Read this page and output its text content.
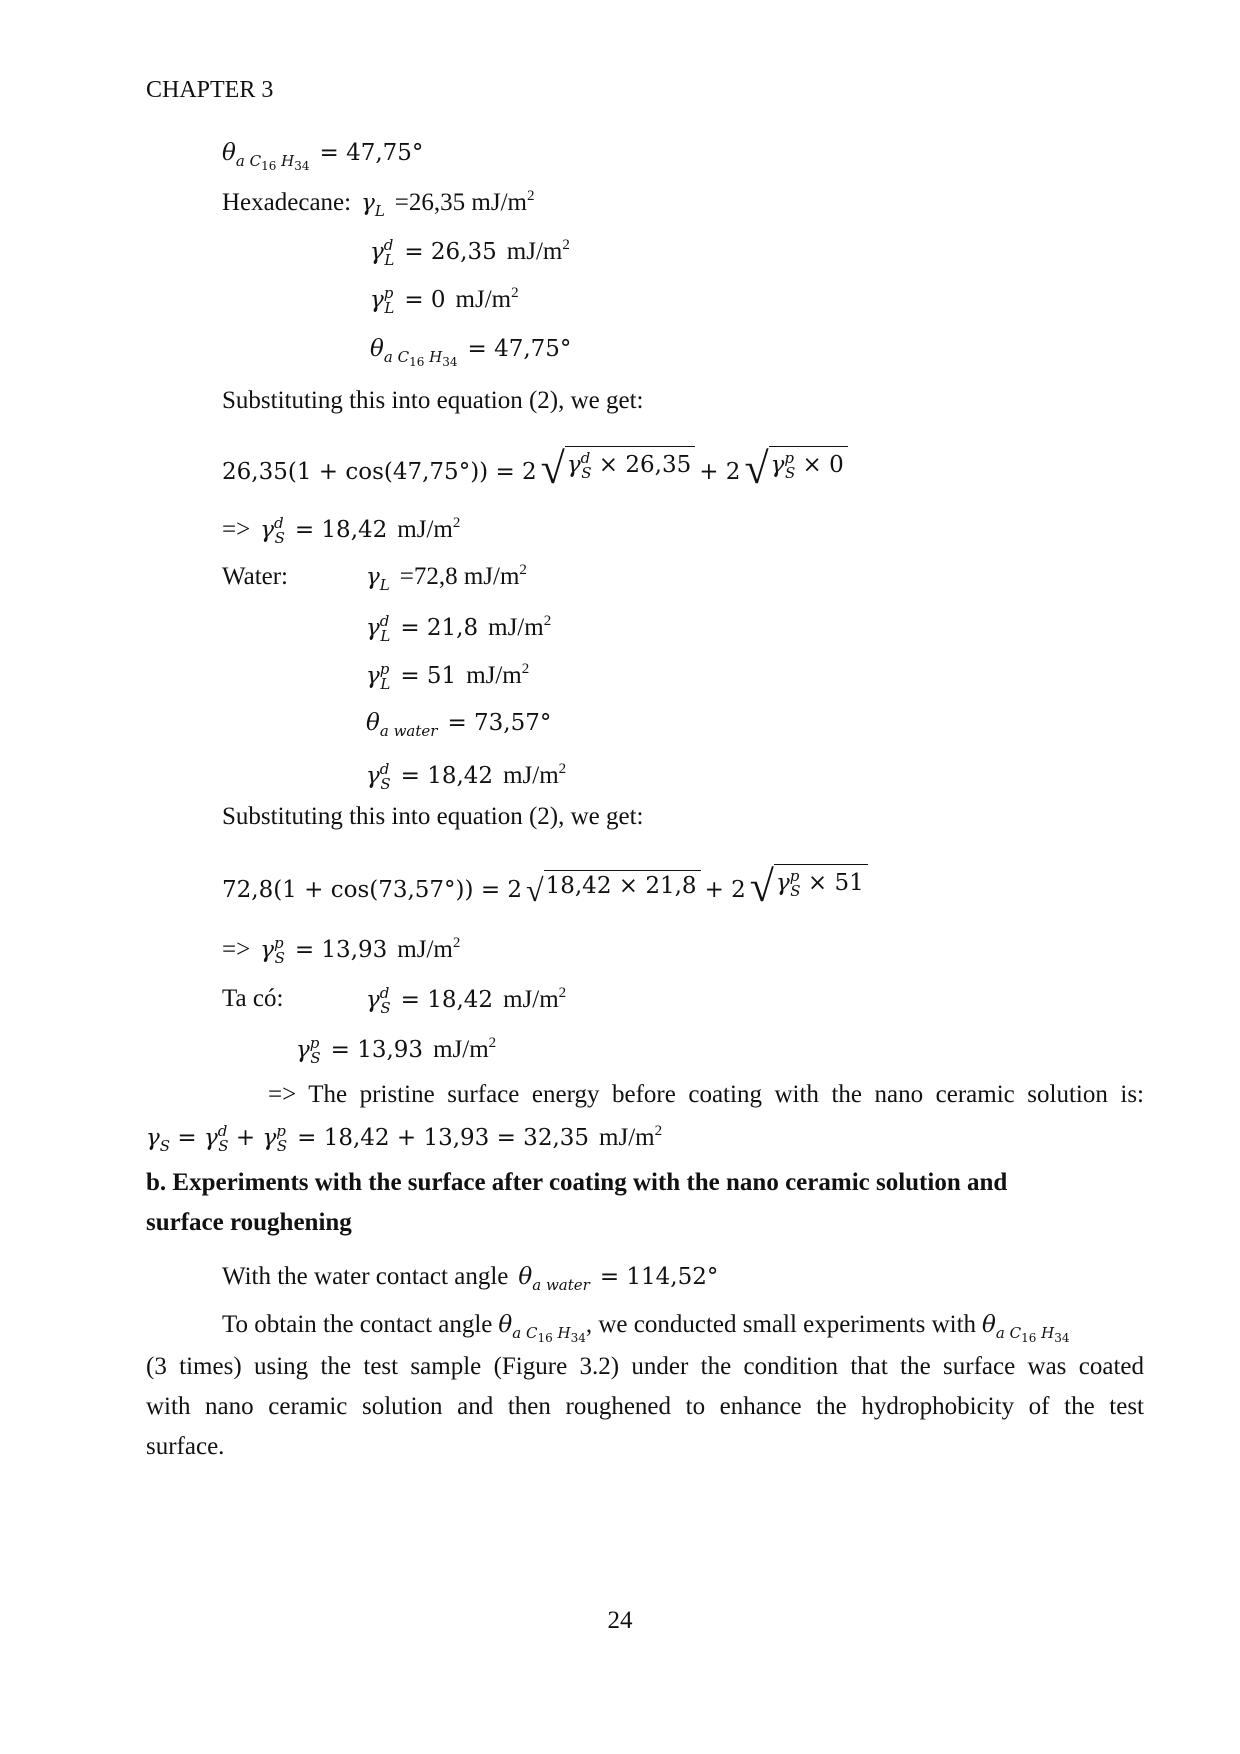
CHAPTER 3
$\theta_{a C_{16} H_{34}} = 47,75^\circ$
Hexadecane: $\gamma_L =26,35$ $mJ/m^2$
$\gamma^d_L = 26,35$ $mJ/m^2$
$\gamma^p_L = 0$ $mJ/m^2$
$\theta_{a C_{16} H_{34}} = 47,75^\circ$
Substituting this into equation (2), we get:
26,35(1 + cos(47,75°)) = 2 √ $\gamma^d_S \times 26,35 + 2$ √ $\gamma^p_S \times 0$
=> $\gamma^d_S = 18,42$ $mJ/m^2$
Water:	$\gamma_L =72,8$ $mJ/m^2$
$\gamma^d_L = 21,8$ $mJ/m^2$
$\gamma^p_L = 51$ $mJ/m^2$
$\theta_{a water} = 73,57^\circ$
$\gamma^d_S = 18,42$ $mJ/m^2$
Substituting this into equation (2), we get:
72,8(1 + cos(73,57°)) = 2 √ 18,42 × 21,8 + 2 √ $\gamma^p_S \times 51$
=> $\gamma^p_S = 13,93$ $mJ/m^2$
Ta có:	$\gamma^d_S = 18,42$ $mJ/m^2$
$\gamma^p_S = 13,93$ $mJ/m^2$
=> The pristine surface energy before coating with the nano ceramic solution is:
$\gamma_S = \gamma^d_S + \gamma^p_S = 18,42 + 13,93 = 32,35$ $mJ/m^2$
b. Experiments with the surface after coating with the nano ceramic solution and
surface roughening
With the water contact angle $\theta_{a water} = 114,52^\circ$
To obtain the contact angle $\theta_{a C_{16} H_{34}}$ , we conducted small experiments with $\theta_{a C_{16} H_{34}}$
(3 times) using the test sample (Figure 3.2) under the condition that the surface was coated
with nano ceramic solution and then roughened to enhance the hydrophobicity of the test
surface.
24
